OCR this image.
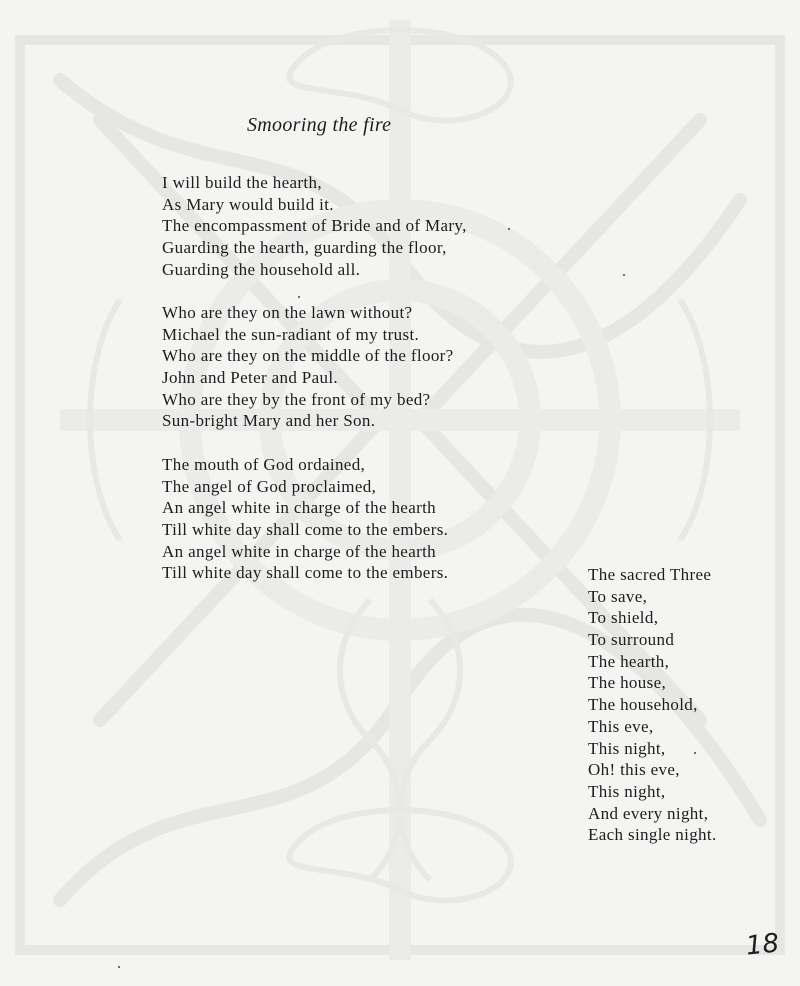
Smooring the fire
I will build the hearth,
As Mary would build it.
The encompassment of Bride and of Mary,
Guarding the hearth, guarding the floor,
Guarding the household all.
Who are they on the lawn without?
Michael the sun-radiant of my trust.
Who are they on the middle of the floor?
John and Peter and Paul.
Who are they by the front of my bed?
Sun-bright Mary and her Son.
The mouth of God ordained,
The angel of God proclaimed,
An angel white in charge of the hearth
Till white day shall come to the embers.
An angel white in charge of the hearth
Till white day shall come to the embers.	The sacred Three
To save,
To shield,
To surround
The hearth,
The house,
The household,
This eve,
This night,
Oh! this eve,
This night,
And every night,
Each single night.
18
